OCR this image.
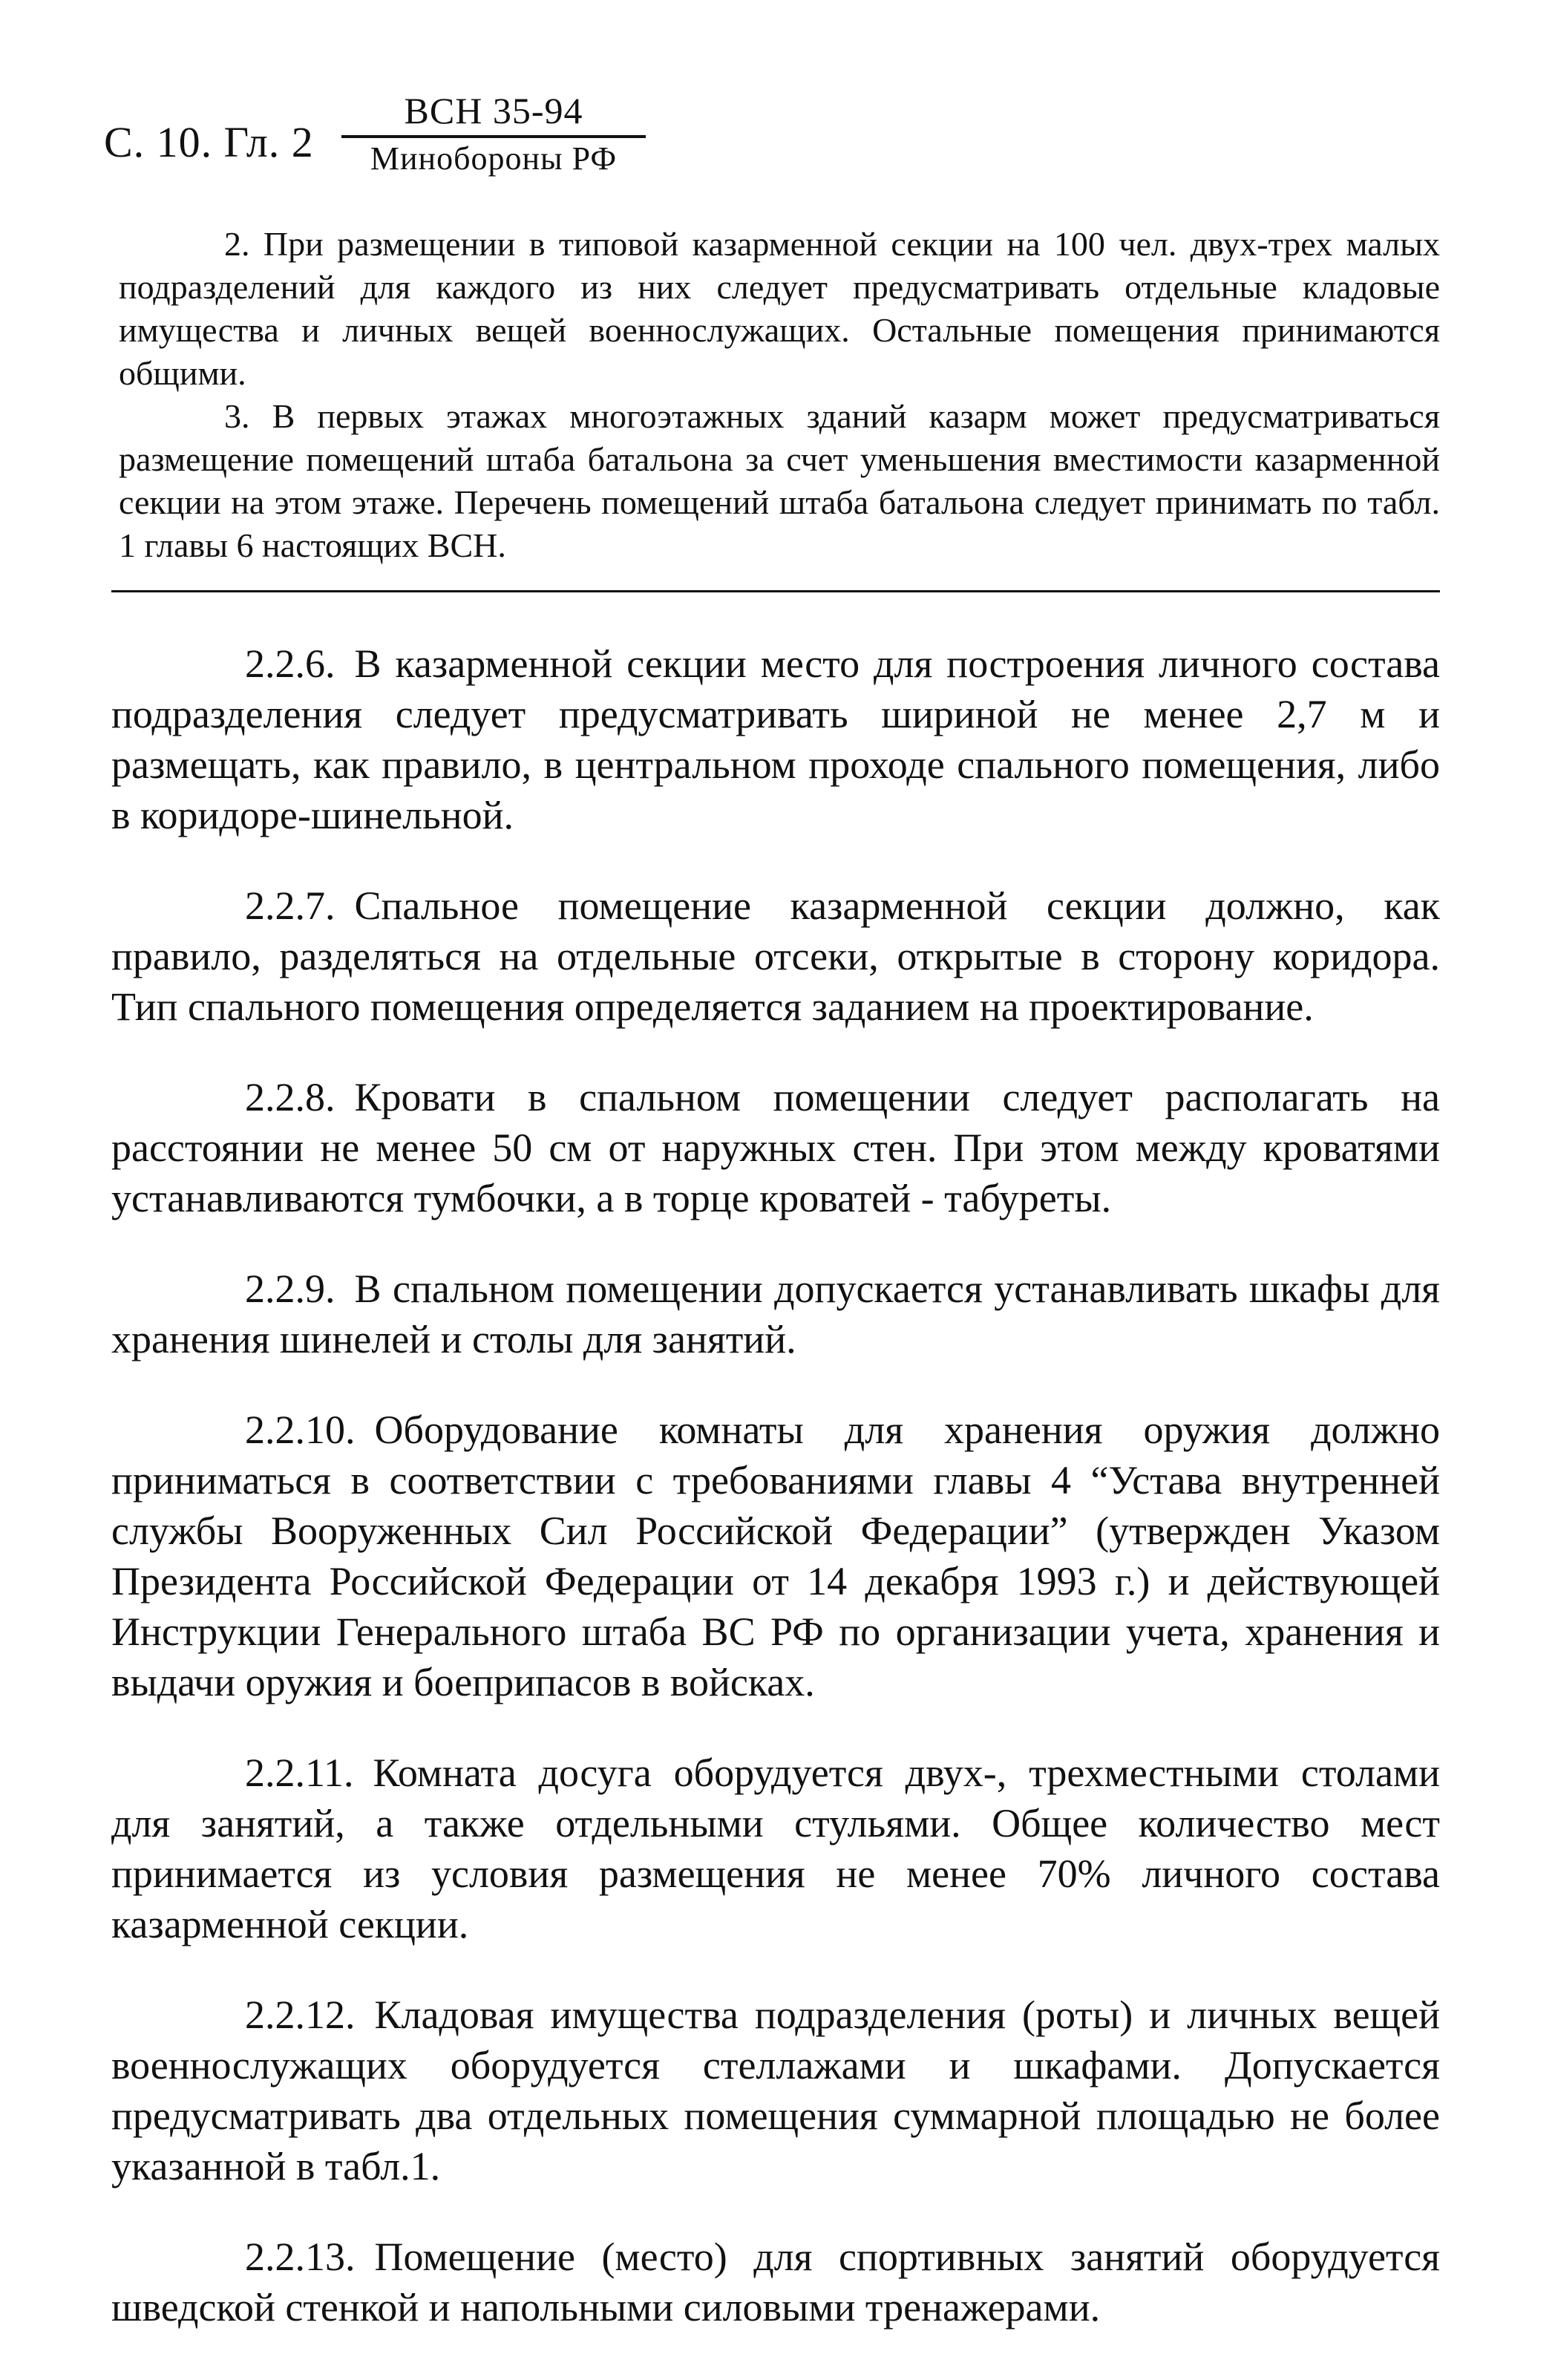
С. 10. Гл. 2
ВСН 35-94
Минобороны РФ

2. При размещении в типовой казарменной секции на 100 чел. двух-трех малых подразделений для каждого из них следует предусматривать отдельные кладовые имущества и личных вещей военнослужащих. Остальные помещения принимаются общими.

3. В первых этажах многоэтажных зданий казарм может предусматриваться размещение помещений штаба батальона за счет уменьшения вместимости казарменной секции на этом этаже. Перечень помещений штаба батальона следует принимать по табл. 1 главы 6 настоящих ВСН.

2.2.6. В казарменной секции место для построения личного состава подразделения следует предусматривать шириной не менее 2,7 м и размещать, как правило, в центральном проходе спального помещения, либо в коридоре-шинельной.

2.2.7. Спальное помещение казарменной секции должно, как правило, разделяться на отдельные отсеки, открытые в сторону коридора. Тип спального помещения определяется заданием на проектирование.

2.2.8. Кровати в спальном помещении следует располагать на расстоянии не менее 50 см от наружных стен. При этом между кроватями устанавливаются тумбочки, а в торце кроватей - табуреты.

2.2.9. В спальном помещении допускается устанавливать шкафы для хранения шинелей и столы для занятий.

2.2.10. Оборудование комнаты для хранения оружия должно приниматься в соответствии с требованиями главы 4 “Устава внутренней службы Вооруженных Сил Российской Федерации” (утвержден Указом Президента Российской Федерации от 14 декабря 1993 г.) и действующей Инструкции Генерального штаба ВС РФ по организации учета, хранения и выдачи оружия и боеприпасов в войсках.

2.2.11. Комната досуга оборудуется двух-, трехместными столами для занятий, а также отдельными стульями. Общее количество мест принимается из условия размещения не менее 70% личного состава казарменной секции.

2.2.12. Кладовая имущества подразделения (роты) и личных вещей военнослужащих оборудуется стеллажами и шкафами. Допускается предусматривать два отдельных помещения суммарной площадью не более указанной в табл.1.

2.2.13. Помещение (место) для спортивных занятий оборудуется шведской стенкой и напольными силовыми тренажерами.
